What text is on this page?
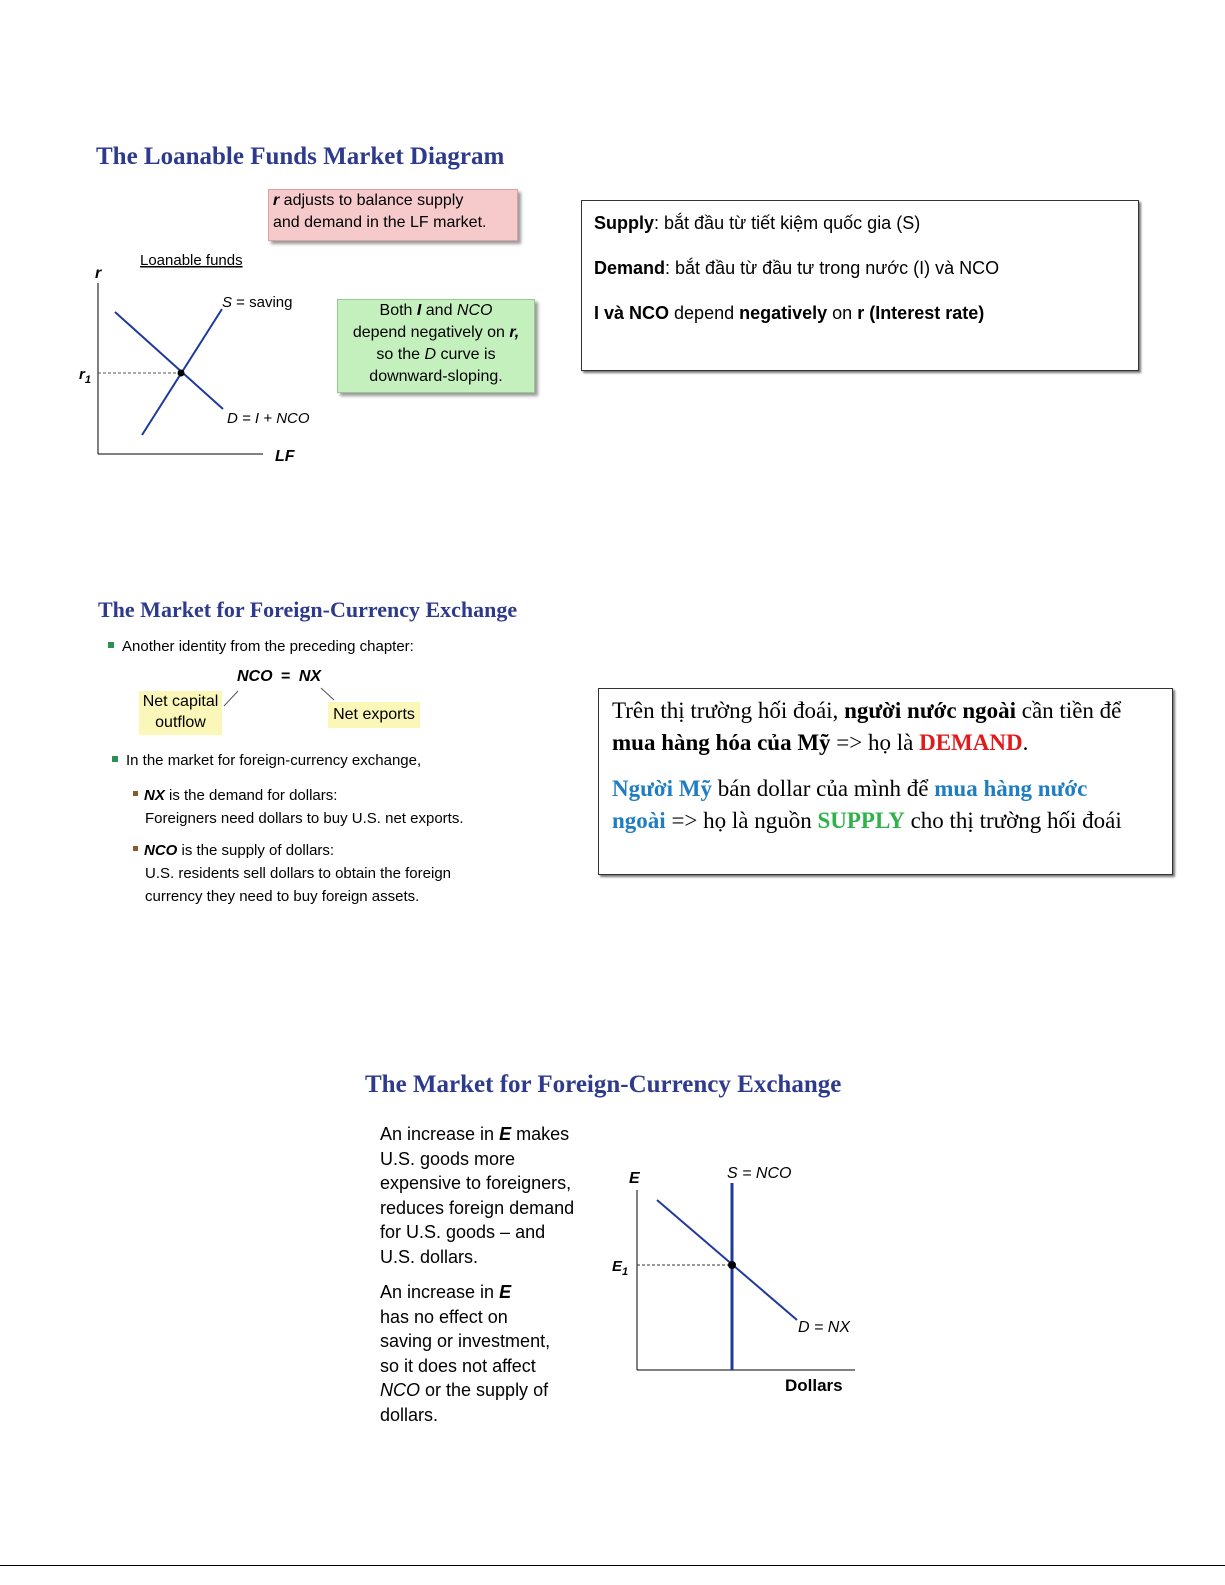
The Loanable Funds Market Diagram
r adjusts to balance supply
and demand in the LF market.
Loanable funds
r
LF
$r_1$
S = saving
D = I + NCO
Both I and NCO
depend negatively on r,
so the D curve is
downward-sloping.
Supply: bắt đầu từ tiết kiệm quốc gia (S)
Demand: bắt đầu từ đầu tư trong nước (I) và NCO
I và NCO depend negatively on r (Interest rate)
The Market for Foreign-Currency Exchange
Another identity from the preceding chapter:
NCO = NX
Net capital
outflow	Net exports
In the market for foreign-currency exchange,
NX is the demand for dollars:
Foreigners need dollars to buy U.S. net exports.
NCO is the supply of dollars:
U.S. residents sell dollars to obtain the foreign
currency they need to buy foreign assets.
Trên thị trường hối đoái, người nước ngoài cần tiền để
mua hàng hóa của Mỹ => họ là DEMAND.
Người Mỹ bán dollar của mình để mua hàng nước
ngoài => họ là nguồn SUPPLY cho thị trường hối đoái
The Market for Foreign-Currency Exchange
An increase in E makes
U.S. goods more
expensive to foreigners,
reduces foreign demand
for U.S. goods – and
U.S. dollars.
An increase in E
has no effect on
saving or investment,
so it does not affect
NCO or the supply of
dollars.
E
Dollars
$E_1$
S = NCO
D = NX
